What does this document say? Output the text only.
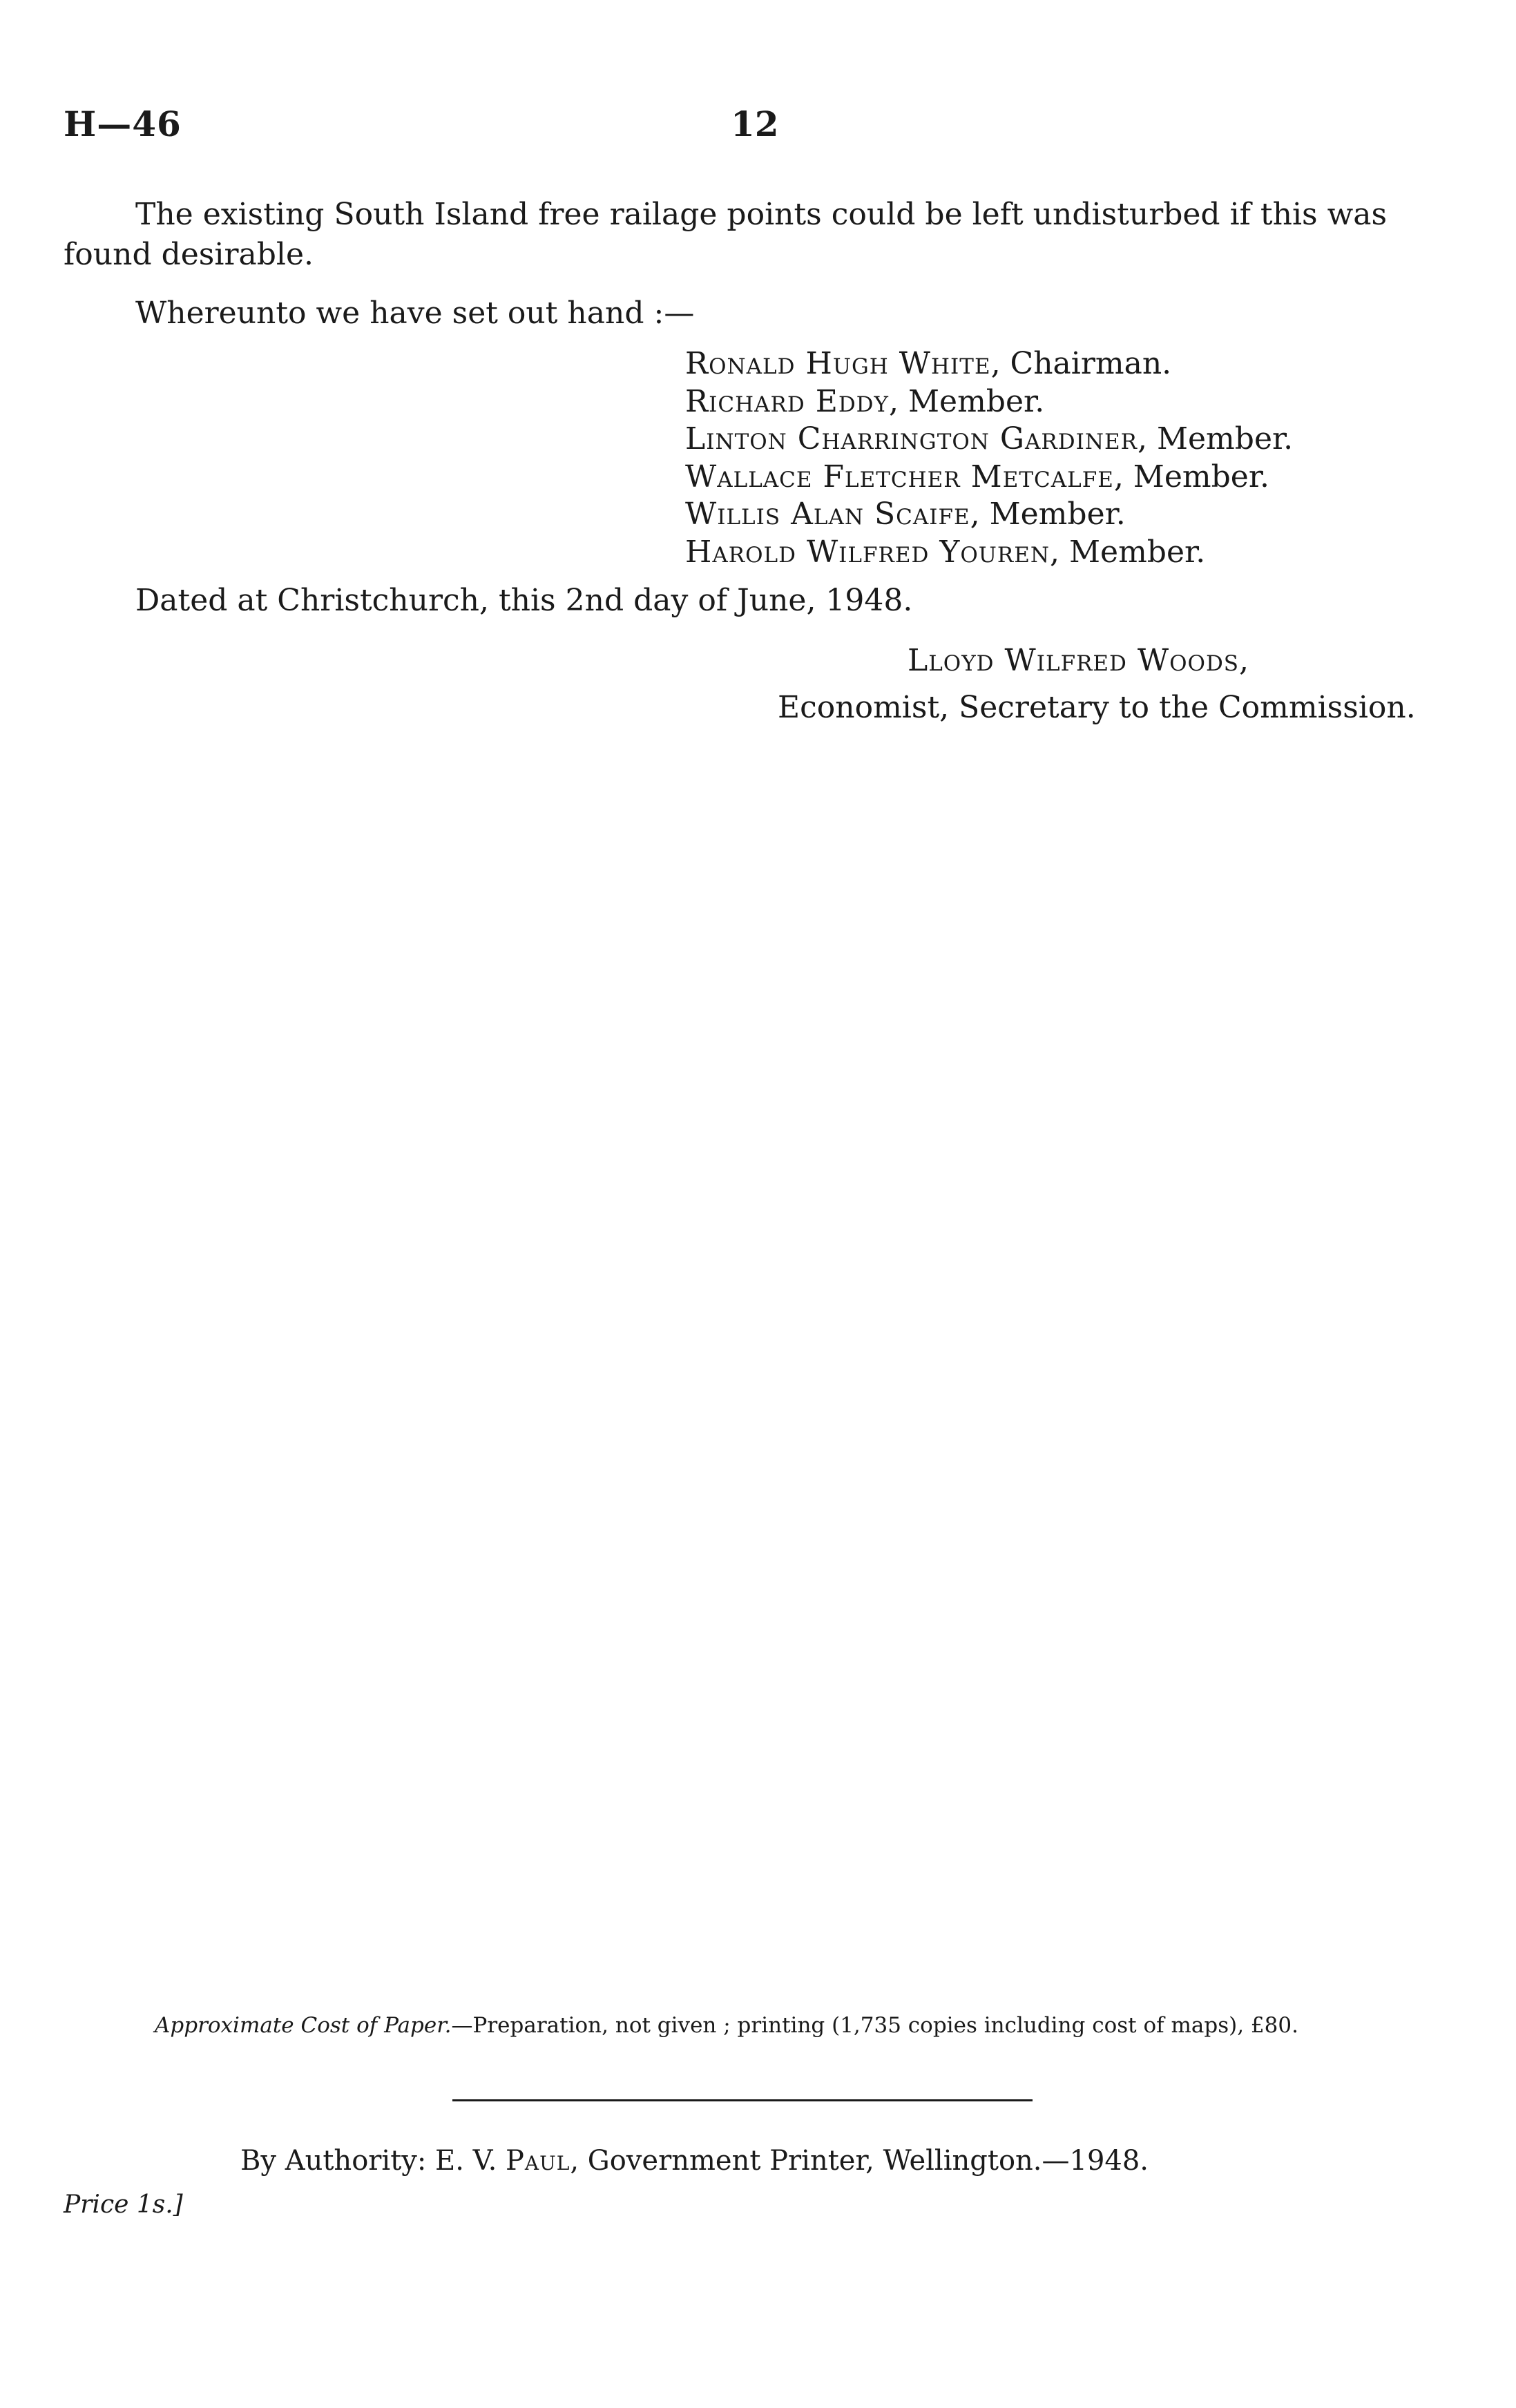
H—46	12
The existing South Island free railage points could be left undisturbed if this was found desirable.
Whereunto we have set out hand :—
Ronald Hugh White, Chairman.
Richard Eddy, Member.
Linton Charrington Gardiner, Member.
Wallace Fletcher Metcalfe, Member.
Willis Alan Scaife, Member.
Harold Wilfred Youren, Member.
Dated at Christchurch, this 2nd day of June, 1948.
Lloyd Wilfred Woods,
Economist, Secretary to the Commission.
Approximate Cost of Paper.—Preparation, not given ; printing (1,735 copies including cost of maps), £80.
By Authority: E. V. Paul, Government Printer, Wellington.—1948.
Price 1s.]
